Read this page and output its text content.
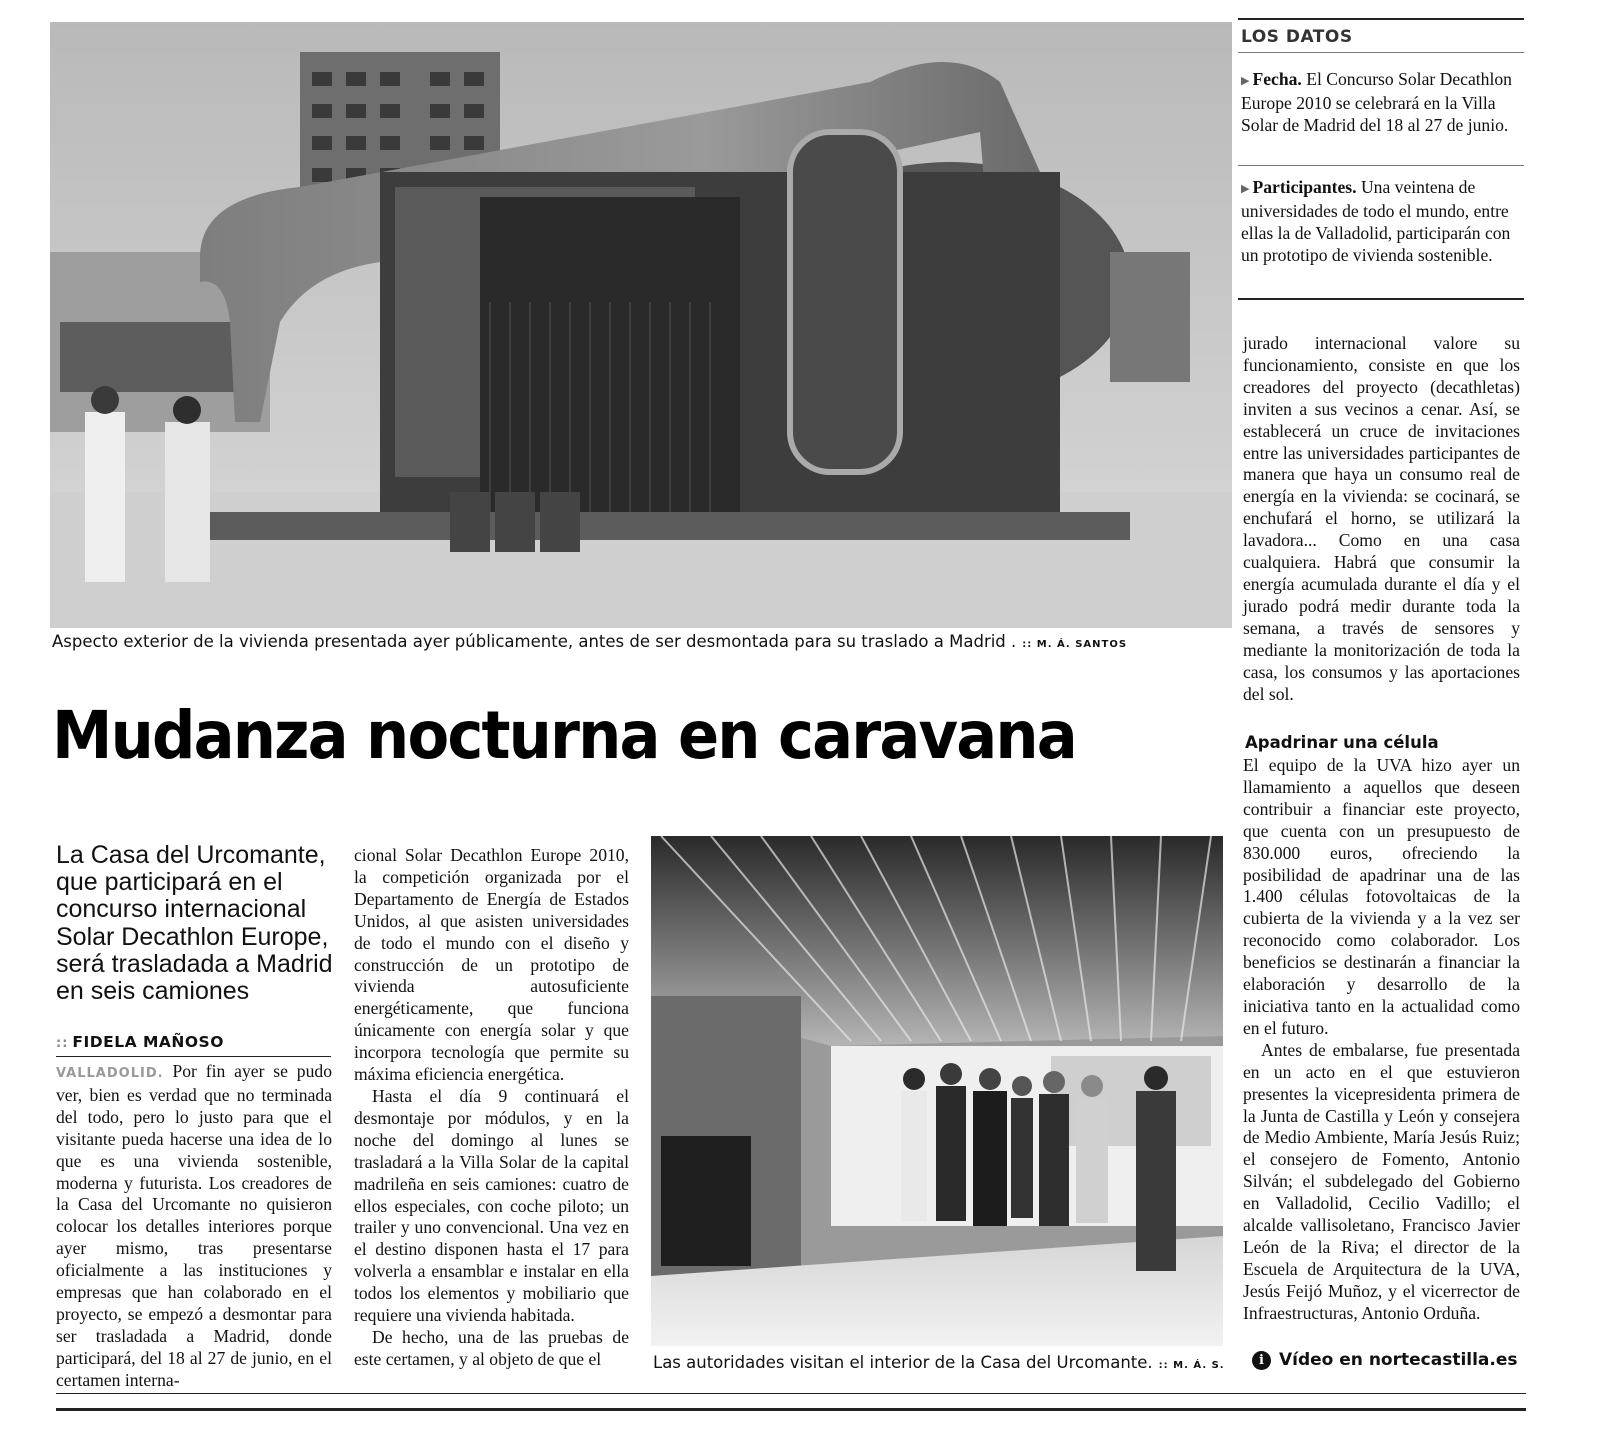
Aspecto exterior de la vivienda presentada ayer públicamente, antes de ser desmontada para su traslado a Madrid . :: M. Á. SANTOS
Mudanza nocturna en caravana
La Casa del Urcomante, que participará en el concurso internacional Solar Decathlon Europe, será trasladada a Madrid en seis camiones
:: FIDELA MAÑOSO

VALLADOLID. Por fin ayer se pudo ver, bien es verdad que no terminada del todo, pero lo justo para que el visitante pueda hacerse una idea de lo que es una vivienda sostenible, moderna y futurista. Los creadores de la Casa del Urcomante no quisieron colocar los detalles interiores porque ayer mismo, tras presentarse oficialmente a las instituciones y empresas que han colaborado en el proyecto, se empezó a desmontar para ser trasladada a Madrid, donde participará, del 18 al 27 de junio, en el certamen interna-

cional Solar Decathlon Europe 2010, la competición organizada por el Departamento de Energía de Estados Unidos, al que asisten universidades de todo el mundo con el diseño y construcción de un prototipo de vivienda autosuficiente energéticamente, que funciona únicamente con energía solar y que incorpora tecnología que permite su máxima eficiencia energética.

Hasta el día 9 continuará el desmontaje por módulos, y en la noche del domingo al lunes se trasladará a la Villa Solar de la capital madrileña en seis camiones: cuatro de ellos especiales, con coche piloto; un trailer y uno convencional. Una vez en el destino disponen hasta el 17 para volverla a ensamblar e instalar en ella todos los elementos y mobiliario que requiere una vivienda habitada.

De hecho, una de las pruebas de este certamen, y al objeto de que el	Las autoridades visitan el interior de la Casa del Urcomante. :: M. Á. S.
LOS DATOS
▶ Fecha. El Concurso Solar Decathlon Europe 2010 se celebrará en la Villa Solar de Madrid del 18 al 27 de junio.
▶ Participantes. Una veintena de universidades de todo el mundo, entre ellas la de Valladolid, participarán con un prototipo de vivienda sostenible.

jurado internacional valore su funcionamiento, consiste en que los creadores del proyecto (decathletas) inviten a sus vecinos a cenar. Así, se establecerá un cruce de invitaciones entre las universidades participantes de manera que haya un consumo real de energía en la vivienda: se cocinará, se enchufará el horno, se utilizará la lavadora... Como en una casa cualquiera. Habrá que consumir la energía acumulada durante el día y el jurado podrá medir durante toda la semana, a través de sensores y mediante la monitorización de toda la casa, los consumos y las aportaciones del sol.

Apadrinar una célula

El equipo de la UVA hizo ayer un llamamiento a aquellos que deseen contribuir a financiar este proyecto, que cuenta con un presupuesto de 830.000 euros, ofreciendo la posibilidad de apadrinar una de las 1.400 células fotovoltaicas de la cubierta de la vivienda y a la vez ser reconocido como colaborador. Los beneficios se destinarán a financiar la elaboración y desarrollo de la iniciativa tanto en la actualidad como en el futuro.

Antes de embalarse, fue presentada en un acto en el que estuvieron presentes la vicepresidenta primera de la Junta de Castilla y León y consejera de Medio Ambiente, María Jesús Ruiz; el consejero de Fomento, Antonio Silván; el subdelegado del Gobierno en Valladolid, Cecilio Vadillo; el alcalde vallisoletano, Francisco Javier León de la Riva; el director de la Escuela de Arquitectura de la UVA, Jesús Feijó Muñoz, y el vicerrector de Infraestructuras, Antonio Orduña.

i Vídeo en nortecastilla.es
